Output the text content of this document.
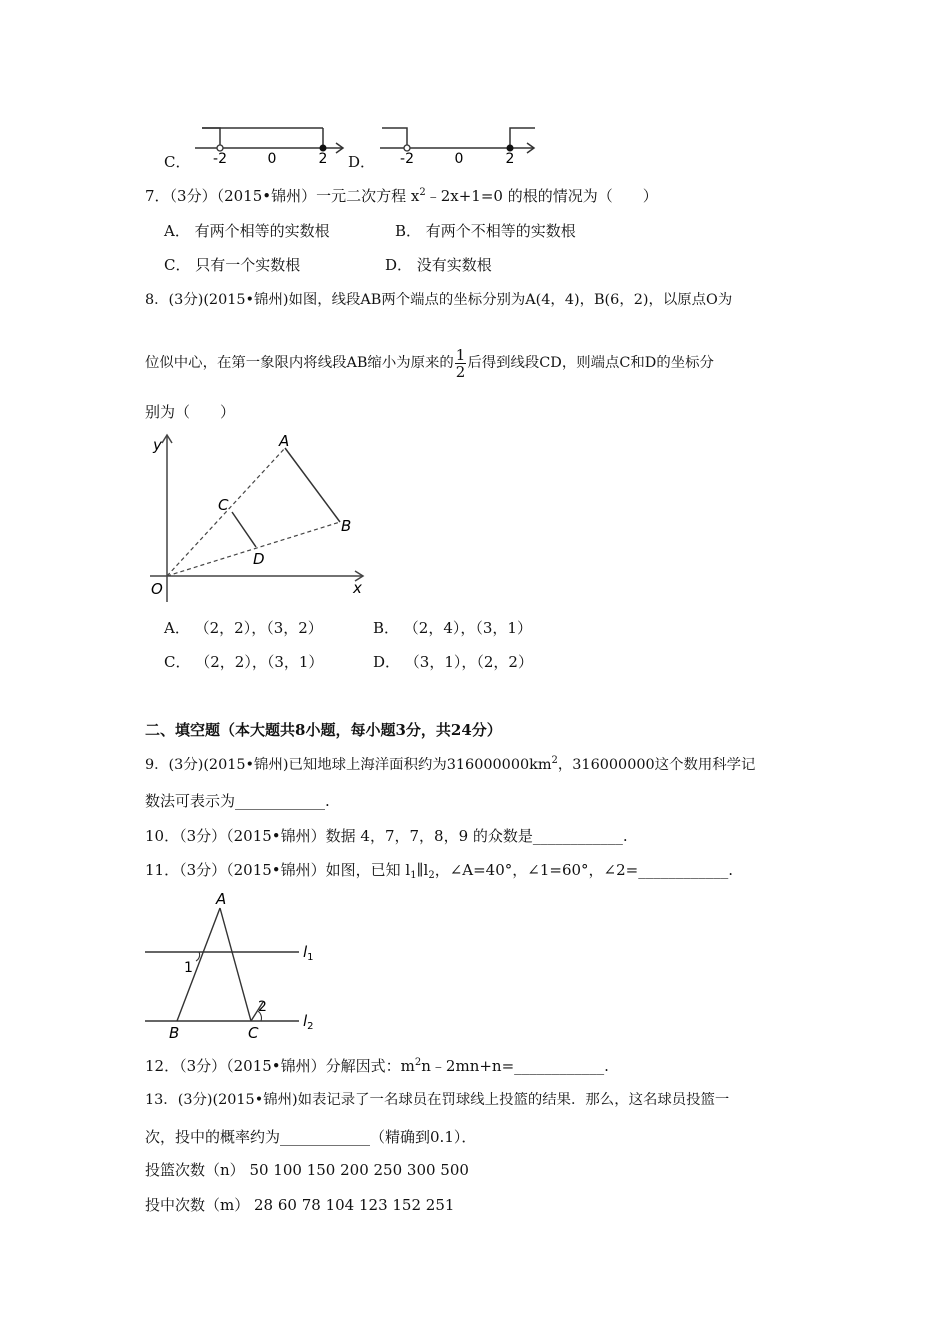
C． -2	0	2 D． -2	0	2
7．（3分）（2015•锦州）一元二次方程 $x^2﹣2x+1=0$ 的根的情况为（　　）
A． 有两个相等的实数根	B． 有两个不相等的实数根
C． 只有一个实数根	D． 没有实数根
8．(3分)(2015•锦州)如图，线段AB两个端点的坐标分别为A(4，4)，B(6，2)，以原点O为
位似中心，在第一象限内将线段AB缩小为原来的 $\frac{1}{2}$ 后得到线段CD，则端点C和D的坐标分
别为（　　）
y
x
O
A
B
C
D
A． （2，2），（3，2）	B． （2，4），（3，1）
C． （2，2），（3，1）	D． （3，1），（2，2）
二、填空题（本大题共8小题，每小题3分，共24分）
9．(3分)(2015•锦州)已知地球上海洋面积约为$316000000km^2$，316000000这个数用科学记
数法可表示为____________.
10．（3分）（2015•锦州）数据 4，7，7，8，9 的众数是____________.
11．（3分）（2015•锦州）如图，已知 $l_1\parallel l_2$，∠A=40°，∠1=60°，∠2=____________.
A
B	C
1
2
$l_1$
$l_2$
12．（3分）（2015•锦州）分解因式：$m^2n﹣2mn+n=\_\_\_\_\_\_\_\_\_\_\_\_$.
13．(3分)(2015•锦州)如表记录了一名球员在罚球线上投篮的结果．那么，这名球员投篮一
次，投中的概率约为____________（精确到0.1）．
投篮次数（n） 50 100 150 200 250 300 500
投中次数（m） 28 60 78 104 123 152 251
